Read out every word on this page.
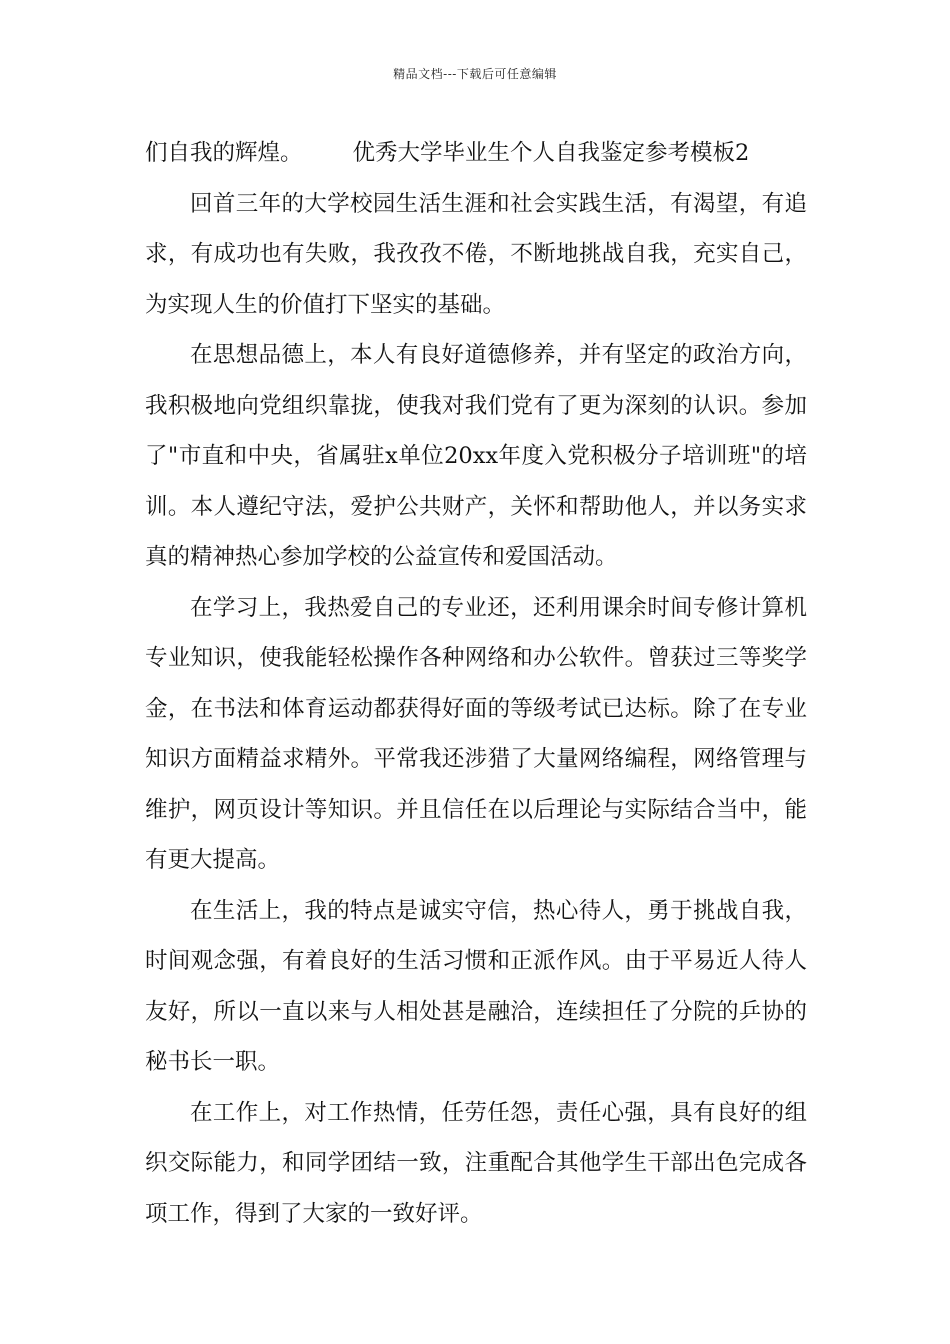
精品文档---下载后可任意编辑

们自我的辉煌。 优秀大学毕业生个人自我鉴定参考模板2

回首三年的大学校园生活生涯和社会实践生活，有渴望，有追求，有成功也有失败，我孜孜不倦，不断地挑战自我，充实自己，为实现人生的价值打下坚实的基础。

在思想品德上，本人有良好道德修养，并有坚定的政治方向，我积极地向党组织靠拢，使我对我们党有了更为深刻的认识。参加了"市直和中央，省属驻x单位20xx年度入党积极分子培训班"的培训。本人遵纪守法，爱护公共财产，关怀和帮助他人，并以务实求真的精神热心参加学校的公益宣传和爱国活动。

在学习上，我热爱自己的专业还，还利用课余时间专修计算机专业知识，使我能轻松操作各种网络和办公软件。曾获过三等奖学金，在书法和体育运动都获得好面的等级考试已达标。除了在专业知识方面精益求精外。平常我还涉猎了大量网络编程，网络管理与维护，网页设计等知识。并且信任在以后理论与实际结合当中，能有更大提高。

在生活上，我的特点是诚实守信，热心待人，勇于挑战自我，时间观念强，有着良好的生活习惯和正派作风。由于平易近人待人友好，所以一直以来与人相处甚是融洽，连续担任了分院的乒协的秘书长一职。

在工作上，对工作热情，任劳任怨，责任心强，具有良好的组织交际能力，和同学团结一致，注重配合其他学生干部出色完成各项工作，得到了大家的一致好评。
